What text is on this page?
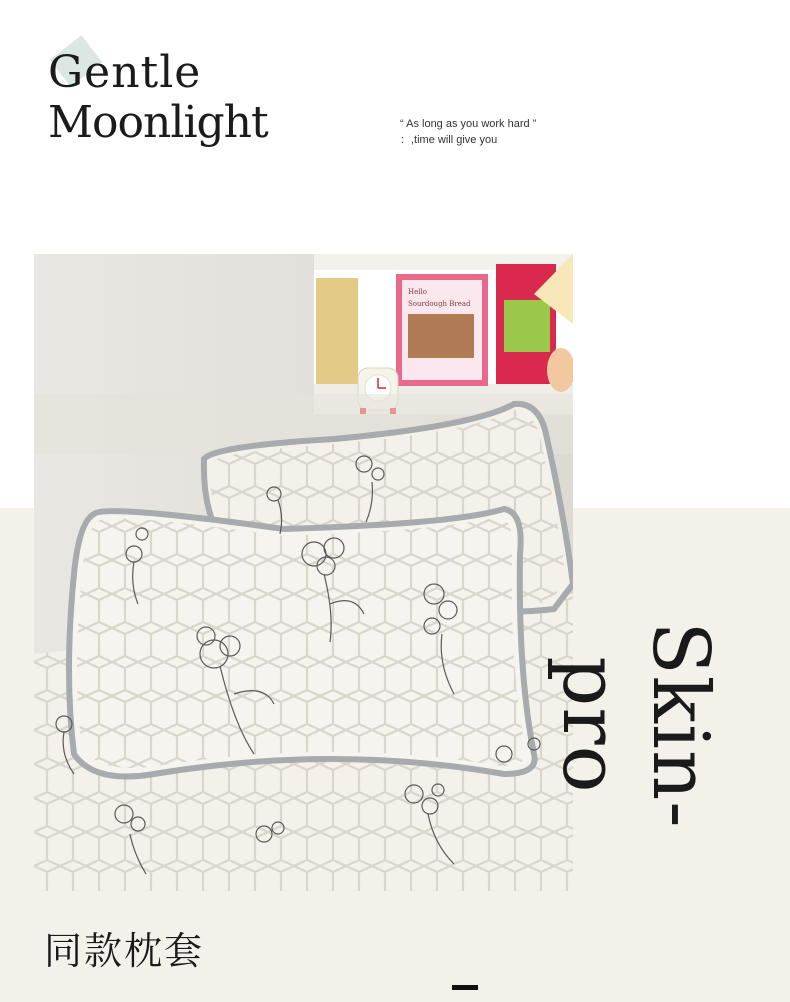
Gentle
Moonlight	“ As long as you work hard ”
：,time will give you
Hello
Sourdough Bread
Skin-pro
同款枕套
